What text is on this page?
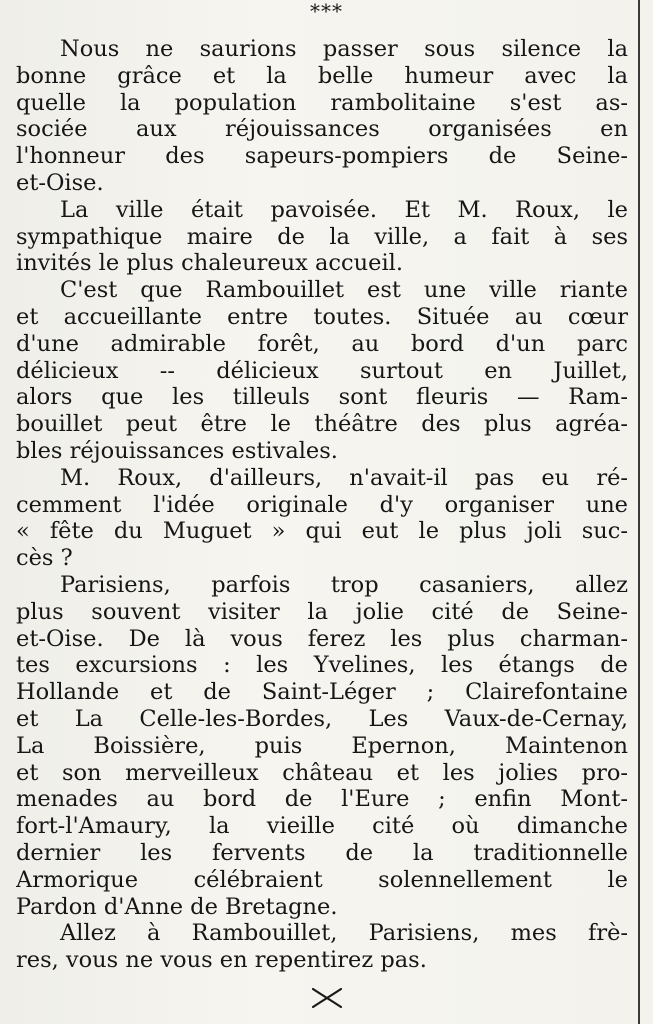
***
Nous ne saurions passer sous silence la
bonne grâce et la belle humeur avec la
quelle la population rambolitaine s'est as-
sociée aux réjouissances organisées en
l'honneur des sapeurs-pompiers de Seine-
et-Oise.
La ville était pavoisée. Et M. Roux, le
sympathique maire de la ville, a fait à ses
invités le plus chaleureux accueil.
C'est que Rambouillet est une ville riante
et accueillante entre toutes. Située au cœur
d'une admirable forêt, au bord d'un parc
délicieux -- délicieux surtout en Juillet,
alors que les tilleuls sont fleuris — Ram-
bouillet peut être le théâtre des plus agréa-
bles réjouissances estivales.
M. Roux, d'ailleurs, n'avait-il pas eu ré-
cemment l'idée originale d'y organiser une
« fête du Muguet » qui eut le plus joli suc-
cès ?
Parisiens, parfois trop casaniers, allez
plus souvent visiter la jolie cité de Seine-
et-Oise. De là vous ferez les plus charman-
tes excursions : les Yvelines, les étangs de
Hollande et de Saint-Léger ; Clairefontaine
et La Celle-les-Bordes, Les Vaux-de-Cernay,
La Boissière, puis Epernon, Maintenon
et son merveilleux château et les jolies pro-
menades au bord de l'Eure ; enfin Mont-
fort-l'Amaury, la vieille cité où dimanche
dernier les fervents de la traditionnelle
Armorique célébraient solennellement le
Pardon d'Anne de Bretagne.
Allez à Rambouillet, Parisiens, mes frè-
res, vous ne vous en repentirez pas.
